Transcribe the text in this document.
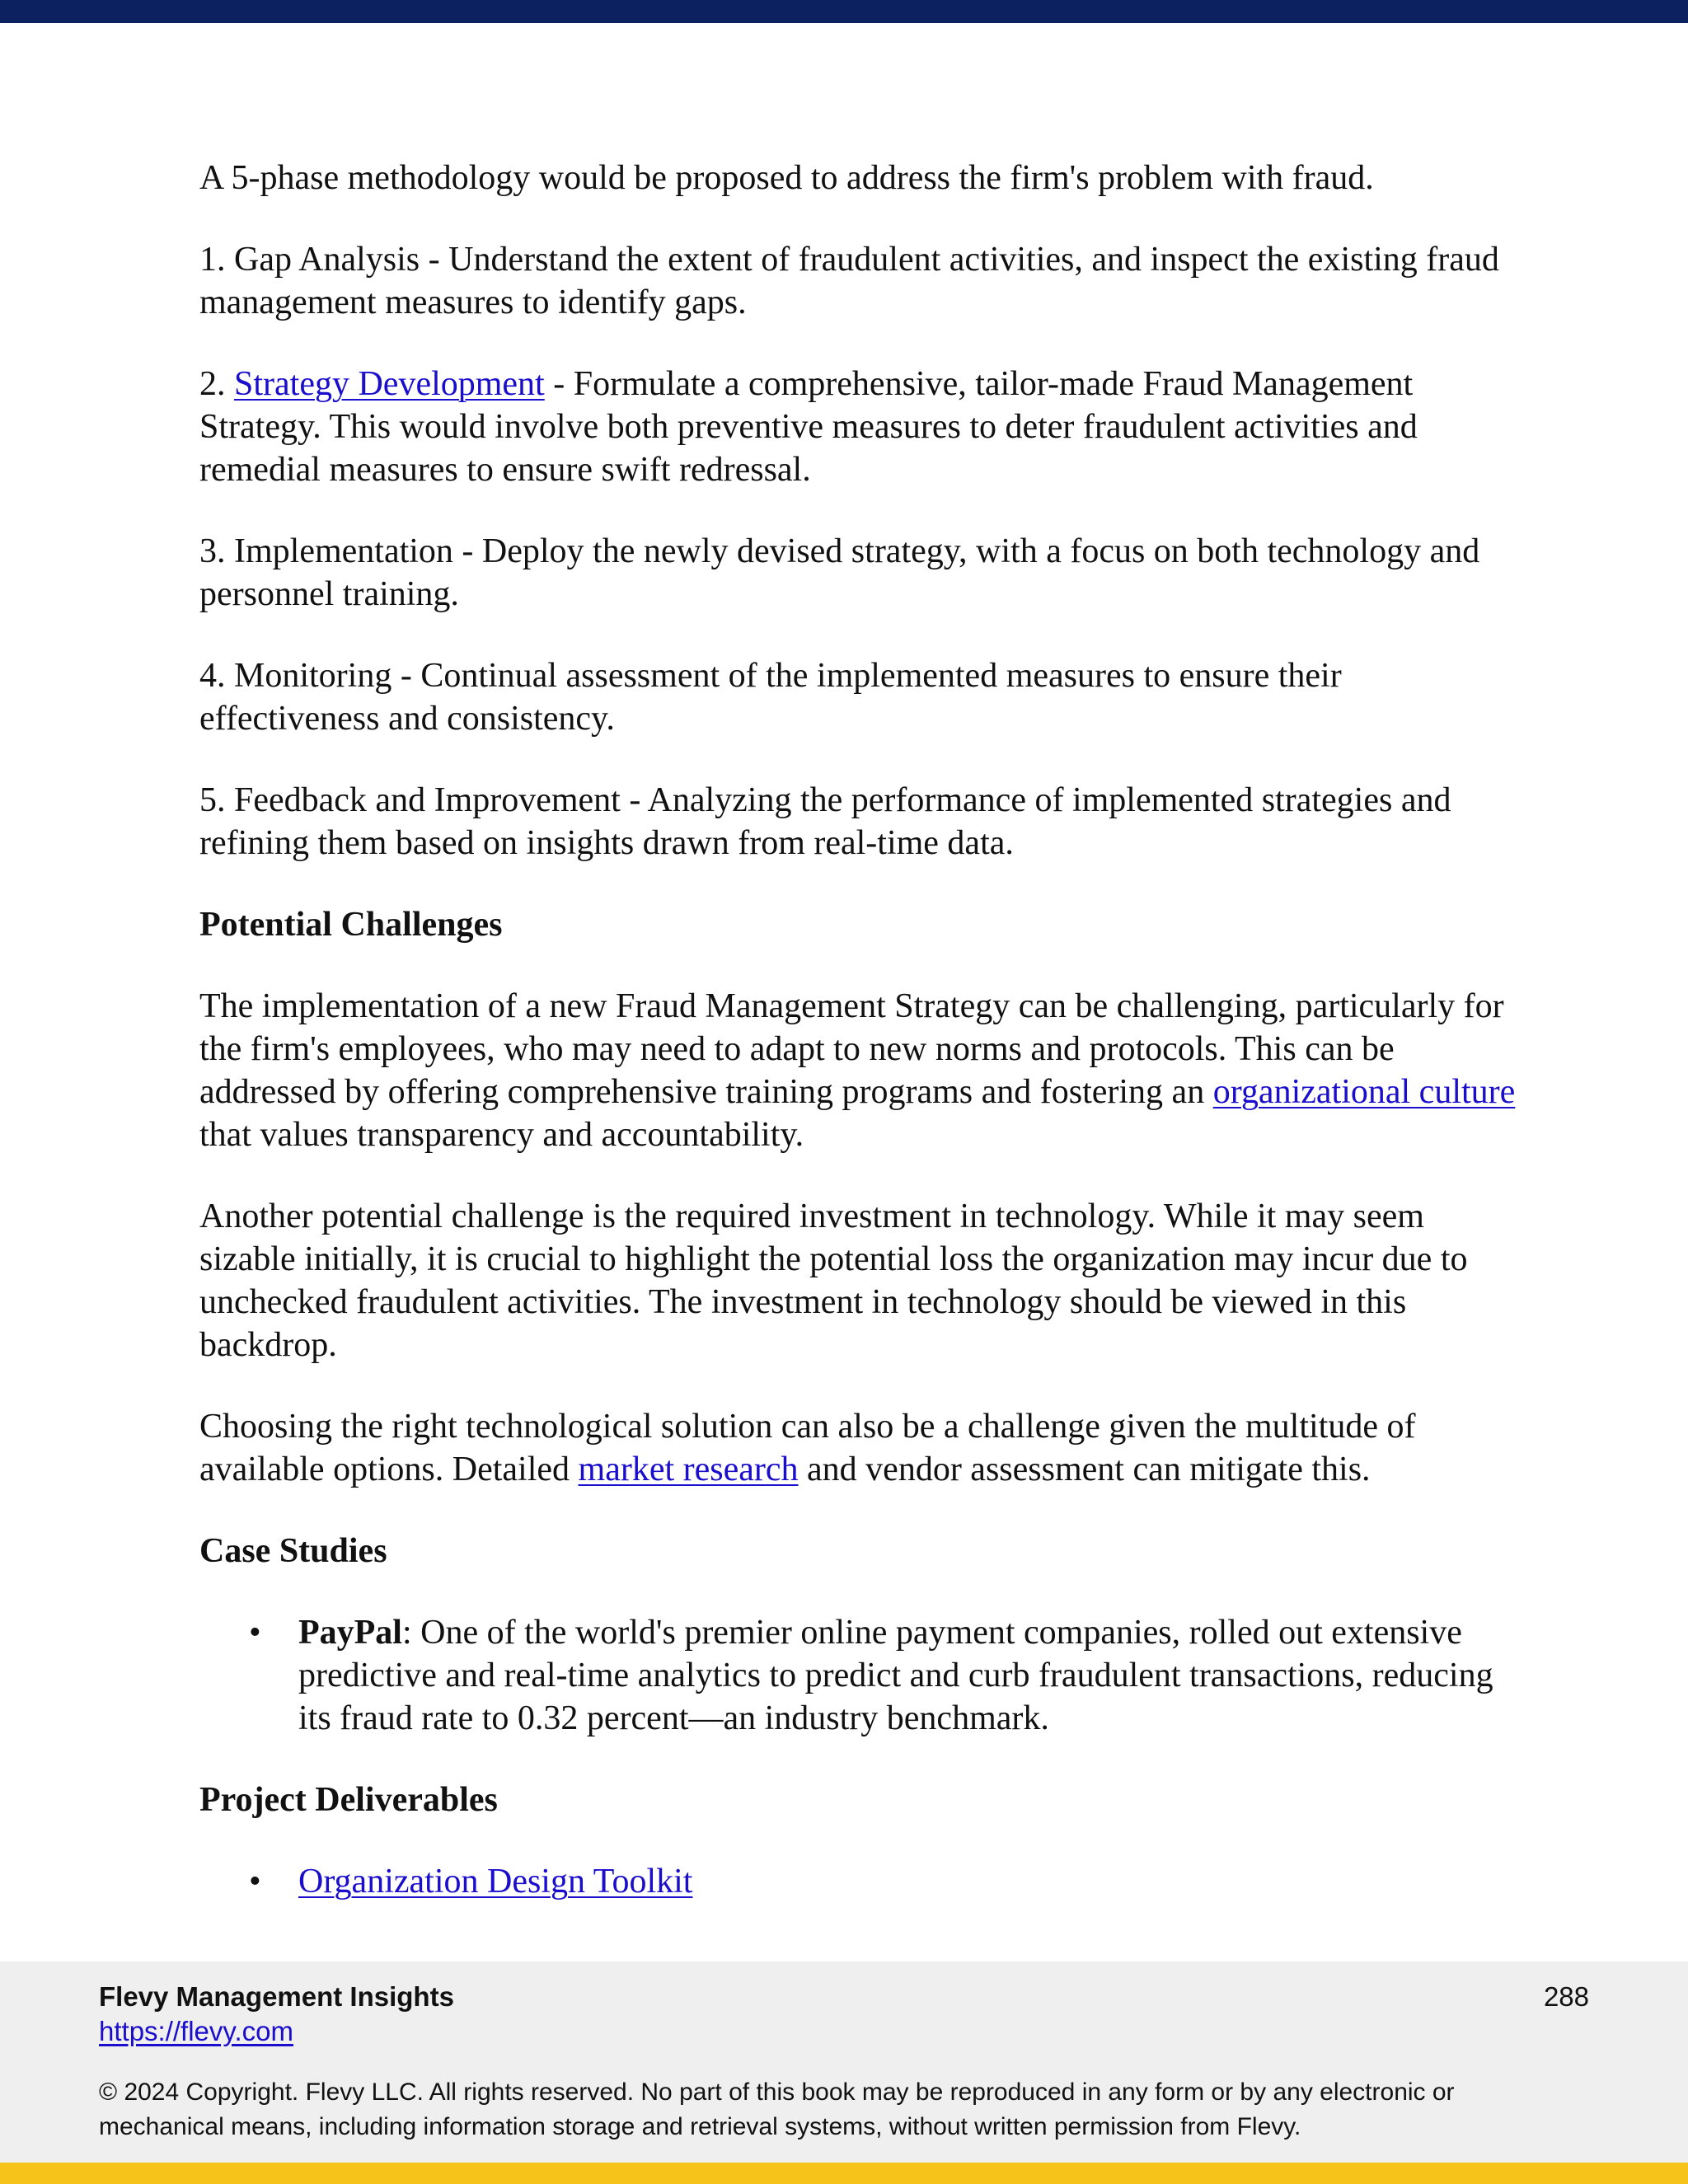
A 5-phase methodology would be proposed to address the firm's problem with fraud.

1. Gap Analysis - Understand the extent of fraudulent activities, and inspect the existing fraud management measures to identify gaps.

2. Strategy Development - Formulate a comprehensive, tailor-made Fraud Management Strategy. This would involve both preventive measures to deter fraudulent activities and remedial measures to ensure swift redressal.

3. Implementation - Deploy the newly devised strategy, with a focus on both technology and personnel training.

4. Monitoring - Continual assessment of the implemented measures to ensure their effectiveness and consistency.

5. Feedback and Improvement - Analyzing the performance of implemented strategies and refining them based on insights drawn from real-time data.

Potential Challenges

The implementation of a new Fraud Management Strategy can be challenging, particularly for the firm's employees, who may need to adapt to new norms and protocols. This can be addressed by offering comprehensive training programs and fostering an organizational culture that values transparency and accountability.

Another potential challenge is the required investment in technology. While it may seem sizable initially, it is crucial to highlight the potential loss the organization may incur due to unchecked fraudulent activities. The investment in technology should be viewed in this backdrop.

Choosing the right technological solution can also be a challenge given the multitude of available options. Detailed market research and vendor assessment can mitigate this.

Case Studies
• PayPal: One of the world's premier online payment companies, rolled out extensive predictive and real-time analytics to predict and curb fraudulent transactions, reducing its fraud rate to 0.32 percent—an industry benchmark.
Project Deliverables
• Organization Design Toolkit
Flevy Management Insights
https://flevy.com
288
© 2024 Copyright. Flevy LLC. All rights reserved. No part of this book may be reproduced in any form or by any electronic or mechanical means, including information storage and retrieval systems, without written permission from Flevy.
